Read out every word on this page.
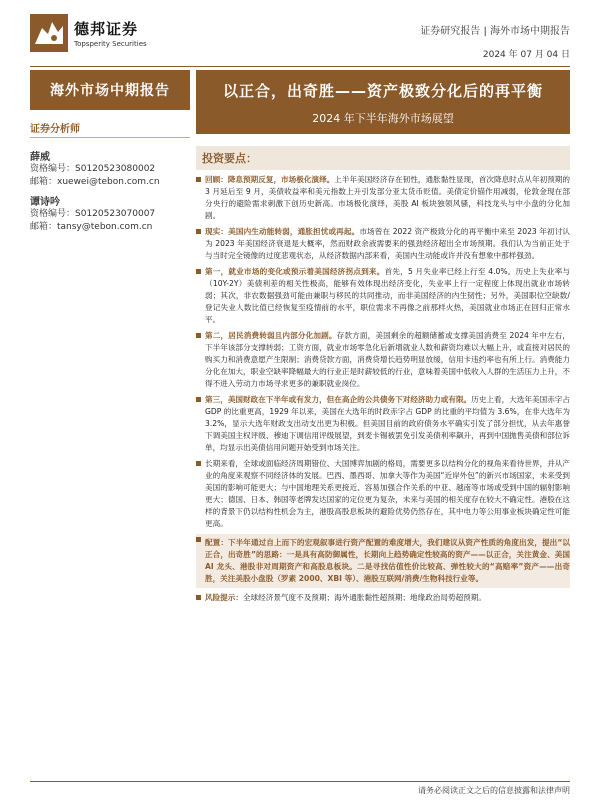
德邦证券
Topsperity Securities
证券研究报告 | 海外市场中期报告
2024 年 07 月 04 日
海外市场中期报告	以正合，出奇胜——资产极致分化后的再平衡
2024 年下半年海外市场展望
证券分析师
薛威
资格编号：S0120523080002
邮箱：xuewei@tebon.com.cn
谭诗吟
资格编号：S0120523070007
邮箱：tansy@tebon.com.cn
投资要点：
回顾：降息预期反复，市场极化演绎。上半年美国经济存在韧性，通胀黏性显现，首次降息时点从年初预期的 3 月延后至 9 月，美债收益率和美元指数上升引发部分亚太货币贬值。美债定价锚作用减弱，伦敦金现在部分央行的避险需求刺激下创历史新高。市场极化演绎，美股 AI 板块独领风骚，科技龙头与中小盘的分化加剧。
现实：美国内生动能转弱，通胀担忧或再起。市场曾在 2022 资产极致分化的再平衡中来至 2023 年初讨认为 2023 年美国经济衰退是大概率，然而财政余液需要来的强劲经济超出全市场预期。我们认为当前正处于与当时完全镜像的过度悲观状态，从经济数据内部来看，美国内生动能或许并没有想象中那样强劲。
第一，就业市场的变化或预示着美国经济拐点到来。首先，5 月失业率已经上行至 4.0%。历史上失业率与（10Y-2Y）美债利差的相关性极高，能够有效体现出经济变化，失业率上行一定程度上体现出就业市场转弱；其次，非农数据强劲可能由兼职与移民的共同推动，而非美国经济的内生韧性；另外，美国职位空缺数/登记失业人数比值已经恢复至疫情前的水平，职位需求不再像之前那样火热，美国就业市场正在回归正常水平。
第二，居民消费转弱且内部分化加剧。存款方面，美国剩余的超额储蓄或支撑美国消费至 2024 年中左右，下半年该部分支撑转弱；工资方面，就业市场零急化后新增就业人数和薪资均难以大幅上升，或直接对居民的购买力和消费意愿产生限制；消费贷款方面，消费贷增长趋势明显放缓，信用卡违约率也有所上行。消费能力分化在加大，职业空缺率降幅最大的行业正是时薪较低的行业，意味着美国中低收入人群的生活压力上升，不得不进入劳动力市场寻求更多的兼职就业岗位。
第三，美国财政在下半年或有发力，但在高企的公共债务下对经济助力或有限。历史上看，大选年美国赤字占 GDP 的比重更高，1929 年以来，美国在大选年的时政赤字占 GDP 的比重的平均值为 3.6%，在非大选年为 3.2%，显示大选年财政支出动支出更为积极。但美国目前的政府债务水平确实引发了部分担忧，从去年惠誉下调美国主权评级、穆迪下调信用评级展望，到麦卡锡被罢免引发美债利率飙升，再到中国抛售美债和部位诉单，均显示出美债信用问题开始受到市场关注。
长期来看，全球或面临经济周期错位、大国博弈加剧的格局，需要更多以结构分化的视角来看待世界，并从产业的角度来观察不同经济体的发展。巴西、墨西哥、加拿大等作为美国“近岸外包”的新兴市场国家，未来受到美国的影响可能更大；与中国地理关系更接近、容易加强合作关系的中亚、越南等市场或受到中国的辐射影响更大；德国、日本、韩国等老牌发达国家的定位更为复杂，未来与美国的相关度存在较大不确定性。港股在这样的背景下仍以结构性机会为主，港股高股息板块的避险优势仍然存在，其中电力等公用事业板块确定性可能更高。
配置：下半年通过自上而下的宏观叙事进行资产配置的难度增大，我们建议从资产性质的角度出发，提出“以正合，出奇胜”的思路：一是具有高防御属性，长期向上趋势确定性较高的资产——以正合，关注黄金、美国 AI 龙头、港股非对周期资产和高股息板块。二是寻找估值性价比较高、弹性较大的“高赔率”资产——出奇胜，关注美股小盘股（罗素 2000、XBI 等）、港股互联网/消费/生物科技行业等。
风险提示：全球经济景气度不及预期；海外通胀黏性超预期；地缘政治局势超预期。
请务必阅读正文之后的信息披露和法律声明
